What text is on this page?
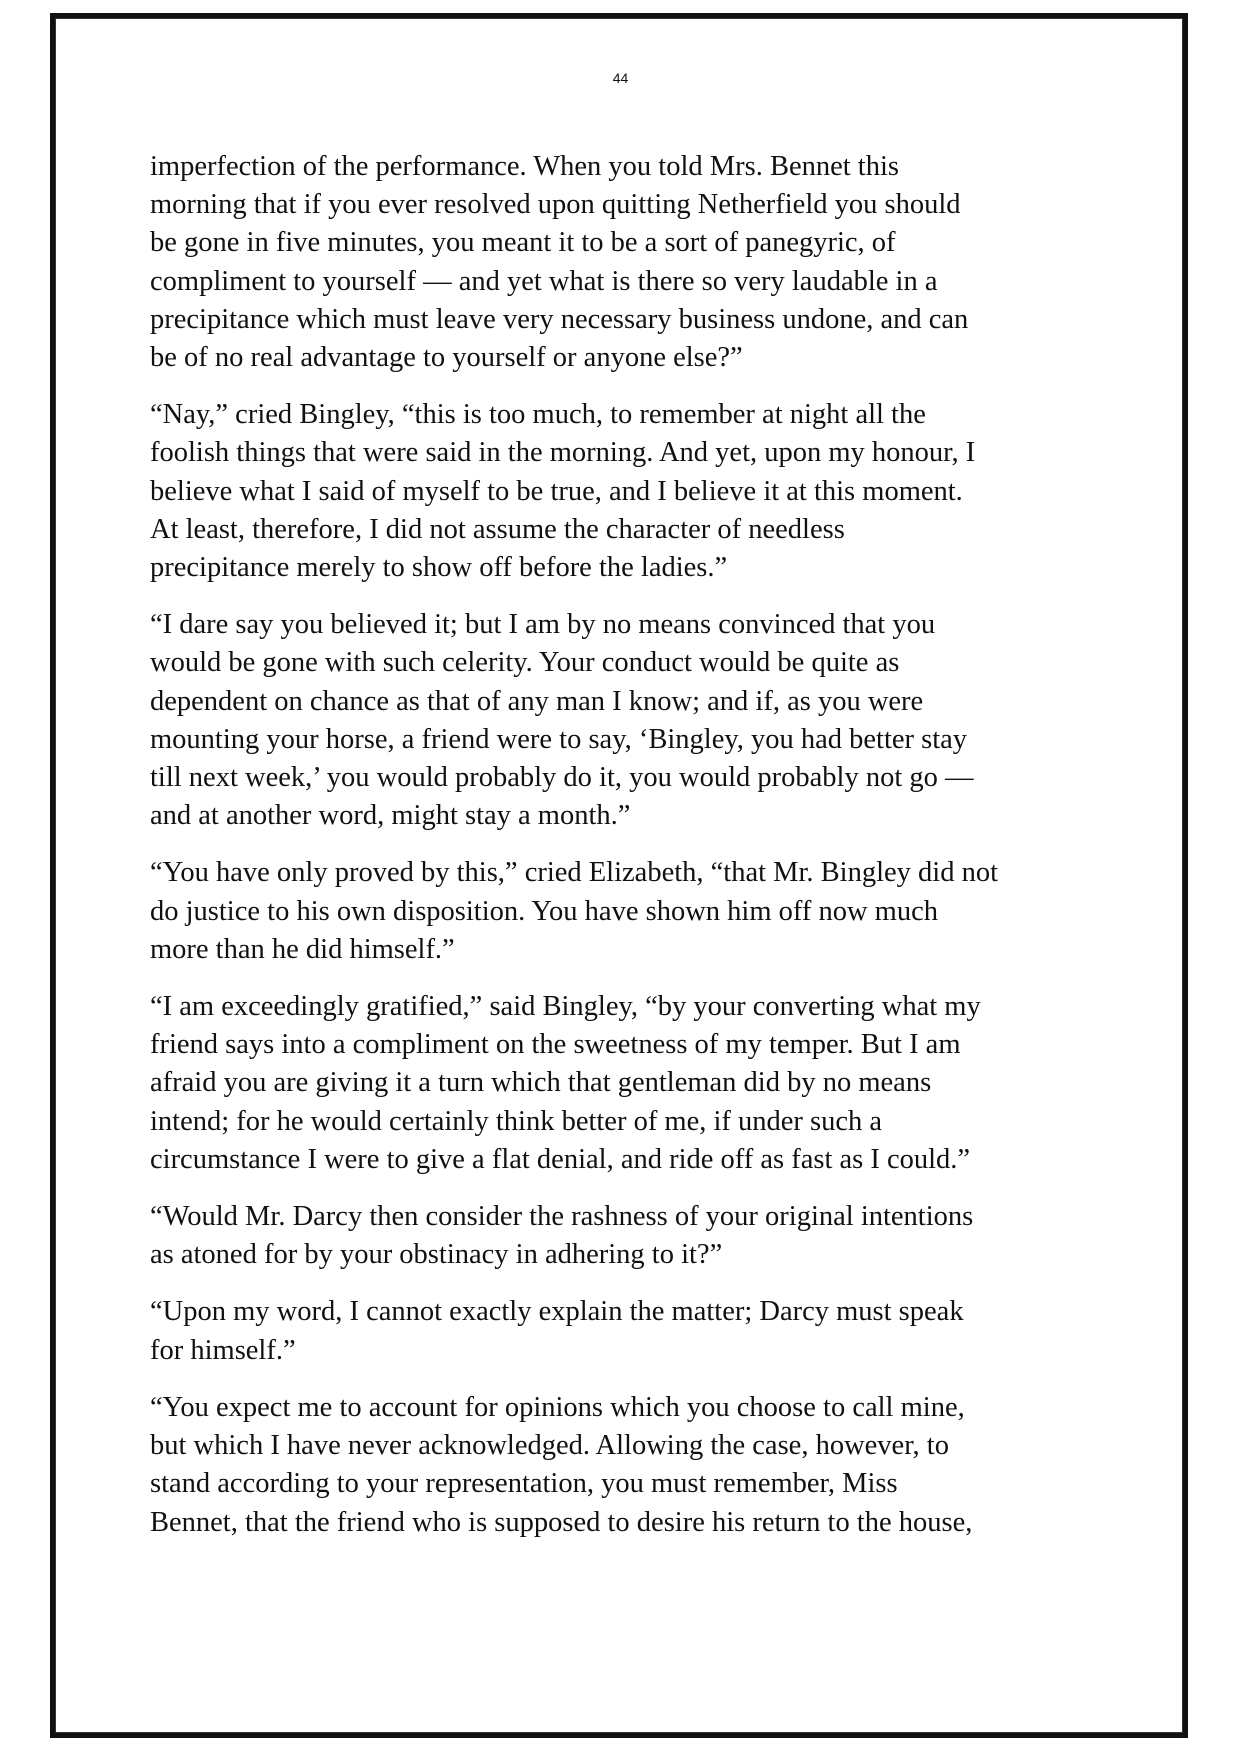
44

imperfection of the performance. When you told Mrs. Bennet this
morning that if you ever resolved upon quitting Netherfield you should
be gone in five minutes, you meant it to be a sort of panegyric, of
compliment to yourself — and yet what is there so very laudable in a
precipitance which must leave very necessary business undone, and can
be of no real advantage to yourself or anyone else?”

“Nay,” cried Bingley, “this is too much, to remember at night all the
foolish things that were said in the morning. And yet, upon my honour, I
believe what I said of myself to be true, and I believe it at this moment.
At least, therefore, I did not assume the character of needless
precipitance merely to show off before the ladies.”

“I dare say you believed it; but I am by no means convinced that you
would be gone with such celerity. Your conduct would be quite as
dependent on chance as that of any man I know; and if, as you were
mounting your horse, a friend were to say, ‘Bingley, you had better stay
till next week,’ you would probably do it, you would probably not go —
and at another word, might stay a month.”

“You have only proved by this,” cried Elizabeth, “that Mr. Bingley did not
do justice to his own disposition. You have shown him off now much
more than he did himself.”

“I am exceedingly gratified,” said Bingley, “by your converting what my
friend says into a compliment on the sweetness of my temper. But I am
afraid you are giving it a turn which that gentleman did by no means
intend; for he would certainly think better of me, if under such a
circumstance I were to give a flat denial, and ride off as fast as I could.”

“Would Mr. Darcy then consider the rashness of your original intentions
as atoned for by your obstinacy in adhering to it?”

“Upon my word, I cannot exactly explain the matter; Darcy must speak
for himself.”

“You expect me to account for opinions which you choose to call mine,
but which I have never acknowledged. Allowing the case, however, to
stand according to your representation, you must remember, Miss
Bennet, that the friend who is supposed to desire his return to the house,
